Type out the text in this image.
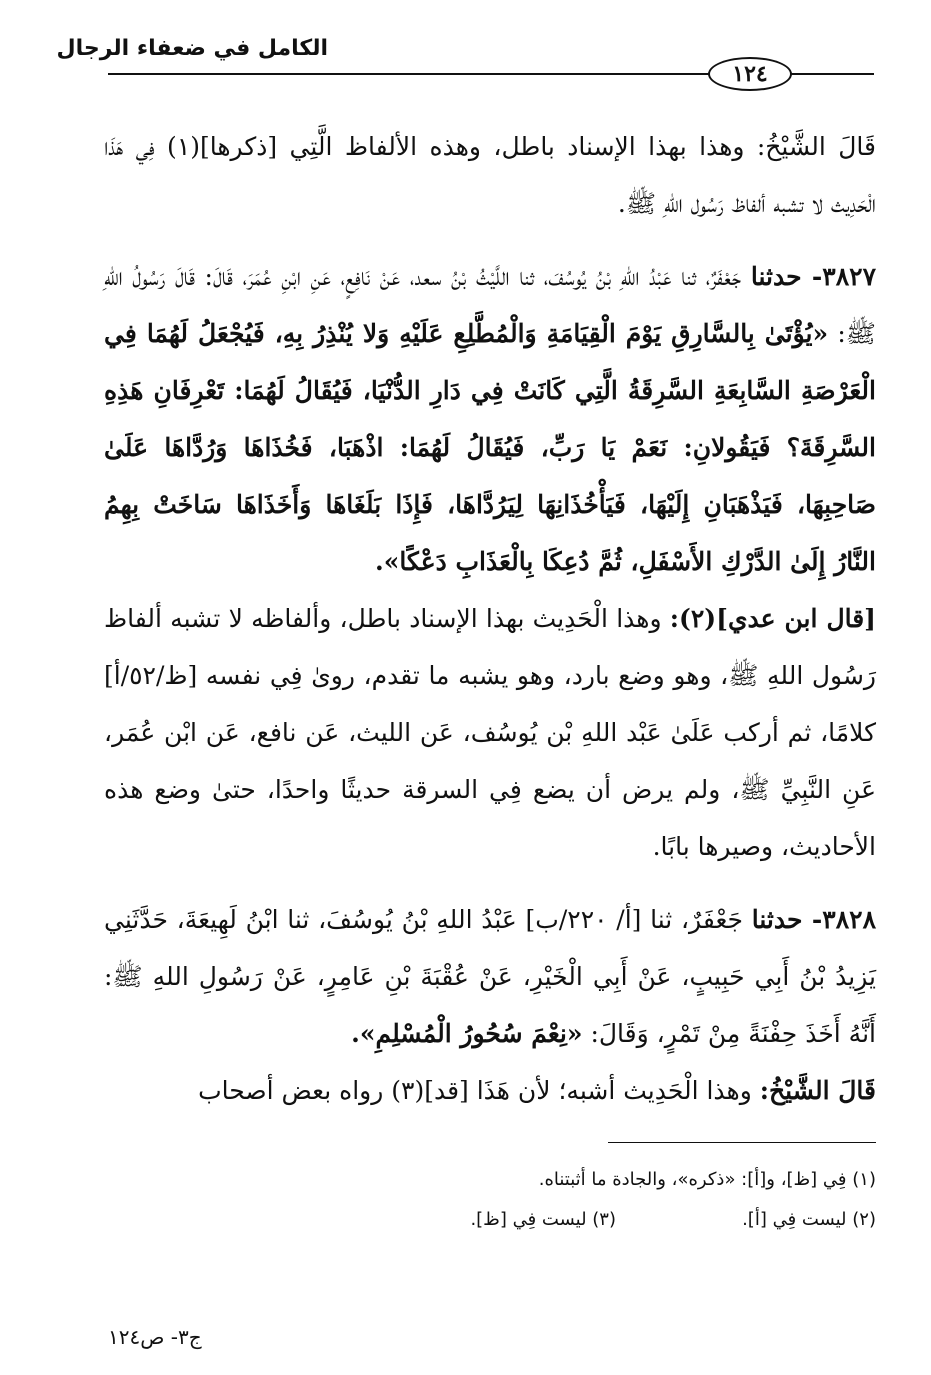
الكامل في ضعفاء الرجال
١٢٤

قَالَ الشَّيْخُ: وهذا بهذا الإسناد باطل، وهذه الألفاظ الَّتِي [ذكرها](١) فِي هَذَا الْحَدِيث لا تشبه ألفاظ رَسُول اللهِ ﷺ.

٣٨٢٧- حدثنا جَعْفَرٌ، ثنا عَبْدُ اللهِ بْنُ يُوسُفَ، ثنا اللَّيْثُ بْنُ سعد، عَنْ نَافِعٍ، عَنِ ابْنِ عُمَرَ، قَالَ: قَالَ رَسُولُ اللهِ ﷺ: «يُؤْتَىٰ بِالسَّارِقِ يَوْمَ الْقِيَامَةِ وَالْمُطَّلِعِ عَلَيْهِ وَلا يُنْذِرُ بِهِ، فَيُجْعَلُ لَهُمَا فِي الْعَرْصَةِ السَّابِعَةِ السَّرِقَةُ الَّتِي كَانَتْ فِي دَارِ الدُّنْيَا، فَيُقَالُ لَهُمَا: تَعْرِفَانِ هَذِهِ السَّرِقَةَ؟ فَيَقُولانِ: نَعَمْ يَا رَبِّ، فَيُقَالُ لَهُمَا: اذْهَبَا، فَخُذَاهَا وَرُدَّاهَا عَلَىٰ صَاحِبِهَا، فَيَذْهَبَانِ إِلَيْهَا، فَيَأْخُذَانِهَا لِيَرُدَّاهَا، فَإِذَا بَلَغَاهَا وَأَخَذَاهَا سَاخَتْ بِهِمُ النَّارُ إِلَىٰ الدَّرْكِ الأَسْفَلِ، ثُمَّ دُعِكَا بِالْعَذَابِ دَعْكًا».

[قال ابن عدي](٢): وهذا الْحَدِيث بهذا الإسناد باطل، وألفاظه لا تشبه ألفاظ رَسُول اللهِ ﷺ، وهو وضع بارد، وهو يشبه ما تقدم، روىٰ فِي نفسه [ظ/٥٢/أ] كلامًا، ثم أركب عَلَىٰ عَبْد اللهِ بْن يُوسُف، عَن الليث، عَن نافع، عَن ابْن عُمَر، عَنِ النَّبِيِّ ﷺ، ولم يرض أن يضع فِي السرقة حديثًا واحدًا، حتىٰ وضع هذه الأحاديث، وصيرها بابًا.

٣٨٢٨- حدثنا جَعْفَرٌ، ثنا [أ/ ٢٢٠/ب] عَبْدُ اللهِ بْنُ يُوسُفَ، ثنا ابْنُ لَهِيعَةَ، حَدَّثَنِي يَزِيدُ بْنُ أَبِي حَبِيبٍ، عَنْ أَبِي الْخَيْرِ، عَنْ عُقْبَةَ بْنِ عَامِرٍ، عَنْ رَسُولِ اللهِ ﷺ: أَنَّهُ أَخَذَ حِفْنَةً مِنْ تَمْرٍ، وَقَالَ: «نِعْمَ سُحُورُ الْمُسْلِمِ».

قَالَ الشَّيْخُ: وهذا الْحَدِيث أشبه؛ لأن هَذَا [قد](٣) رواه بعض أصحاب

(١) فِي [ظ]، و[أ]: «ذكره»، والجادة ما أثبتناه.
(٢) ليست فِي [أ].(٣) ليست فِي [ظ].
ج٣- ص١٢٤
